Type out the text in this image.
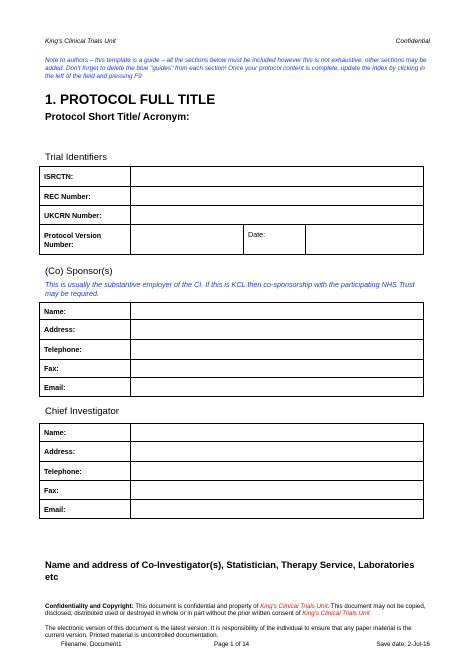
King's Clinical Trials Unit	Confidential
Note to authors – this template is a guide – all the sections below must be included however this is not exhaustive, other sections may be added. Don't forget to delete the blue "guides" from each section! Once your protocol content is complete, update the index by clicking in the left of the field and pressing F9
1. PROTOCOL FULL TITLE
Protocol Short Title/ Acronym:
Trial Identifiers
ISRCTN:			
REC Number:			
UKCRN Number:			
Protocol Version Number:		Date:	
(Co) Sponsor(s)
This is usually the substantive employer of the CI. If this is KCL then co-sponsorship with the participating NHS Trust may be required.
Name:	
Address:	
Telephone:	
Fax:	
Email:	
Chief Investigator
Name:	
Address:	
Telephone:	
Fax:	
Email:	
Name and address of Co-Investigator(s), Statistician, Therapy Service, Laboratories etc
Confidentiality and Copyright: This document is confidential and property of King's Clinical Trials Unit. This document may not be copied, disclosed, distributed used or destroyed in whole or in part without the prior written consent of King's Clinical Trials Unit
The electronic version of this document is the latest version. It is responsibility of the individual to ensure that any paper material is the current version. Printed material is uncontrolled documentation.
Filename: Document1	Page 1 of 14	Save date: 2-Jul-16
